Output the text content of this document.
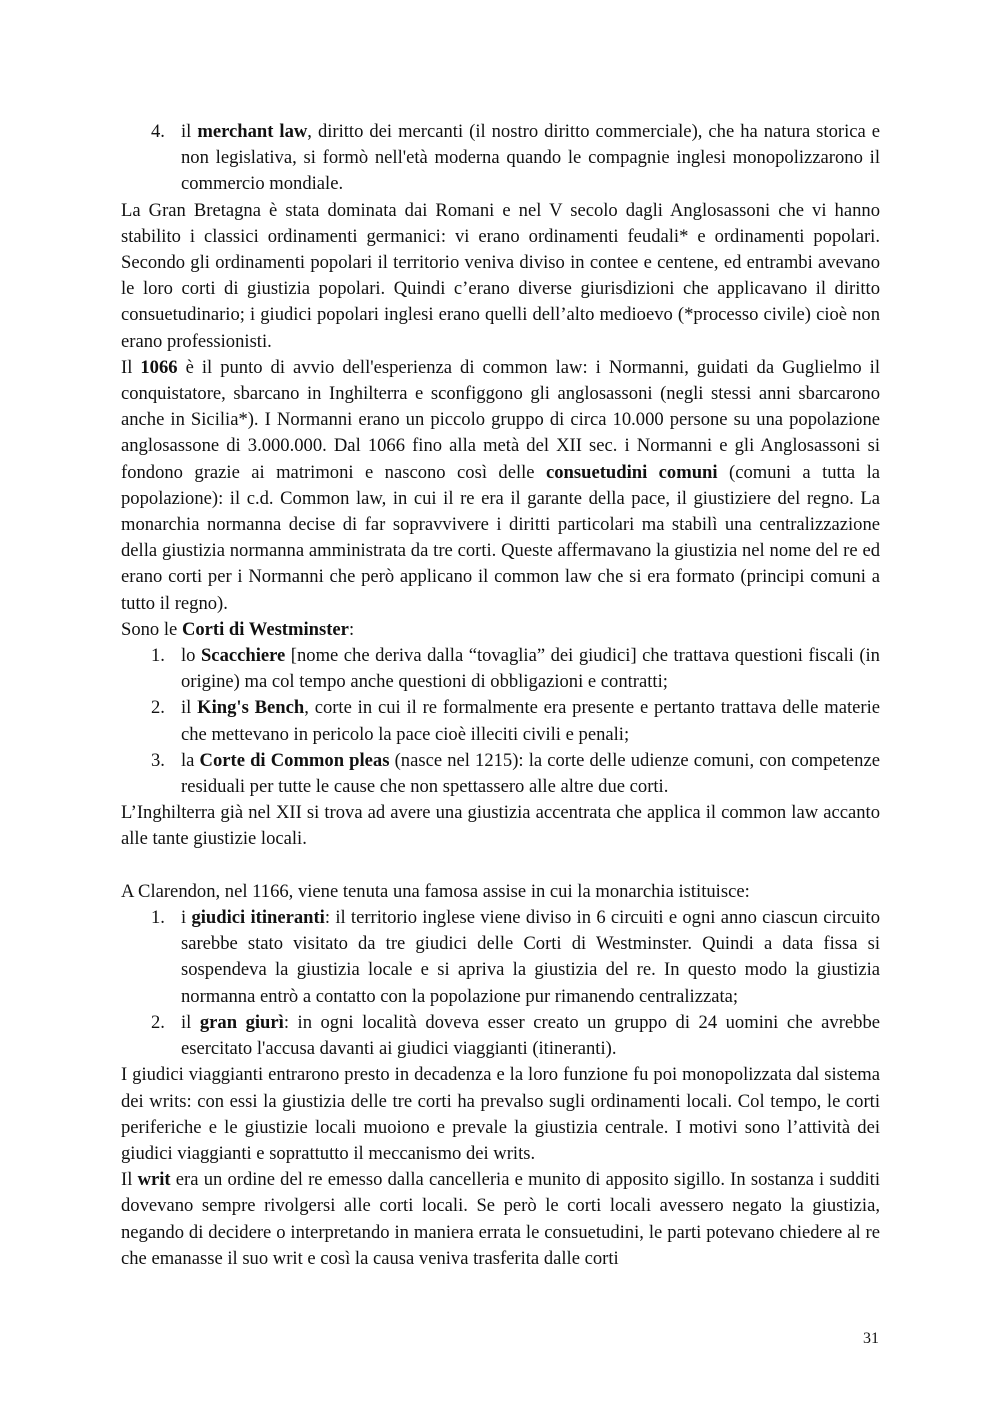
4. il merchant law, diritto dei mercanti (il nostro diritto commerciale), che ha natura storica e non legislativa, si formò nell'età moderna quando le compagnie inglesi monopolizzarono il commercio mondiale.

La Gran Bretagna è stata dominata dai Romani e nel V secolo dagli Anglosassoni che vi hanno stabilito i classici ordinamenti germanici: vi erano ordinamenti feudali* e ordinamenti popolari. Secondo gli ordinamenti popolari il territorio veniva diviso in contee e centene, ed entrambi avevano le loro corti di giustizia popolari. Quindi c’erano diverse giurisdizioni che applicavano il diritto consuetudinario; i giudici popolari inglesi erano quelli dell’alto medioevo (*processo civile) cioè non erano professionisti.

Il 1066 è il punto di avvio dell'esperienza di common law: i Normanni, guidati da Guglielmo il conquistatore, sbarcano in Inghilterra e sconfiggono gli anglosassoni (negli stessi anni sbarcarono anche in Sicilia*). I Normanni erano un piccolo gruppo di circa 10.000 persone su una popolazione anglosassone di 3.000.000. Dal 1066 fino alla metà del XII sec. i Normanni e gli Anglosassoni si fondono grazie ai matrimoni e nascono così delle consuetudini comuni (comuni a tutta la popolazione): il c.d. Common law, in cui il re era il garante della pace, il giustiziere del regno. La monarchia normanna decise di far sopravvivere i diritti particolari ma stabilì una centralizzazione della giustizia normanna amministrata da tre corti. Queste affermavano la giustizia nel nome del re ed erano corti per i Normanni che però applicano il common law che si era formato (principi comuni a tutto il regno).

Sono le Corti di Westminster:

1. lo Scacchiere [nome che deriva dalla “tovaglia” dei giudici] che trattava questioni fiscali (in origine) ma col tempo anche questioni di obbligazioni e contratti;
2. il King's Bench, corte in cui il re formalmente era presente e pertanto trattava delle materie che mettevano in pericolo la pace cioè illeciti civili e penali;
3. la Corte di Common pleas (nasce nel 1215): la corte delle udienze comuni, con competenze residuali per tutte le cause che non spettassero alle altre due corti.

L’Inghilterra già nel XII si trova ad avere una giustizia accentrata che applica il common law accanto alle tante giustizie locali.

A Clarendon, nel 1166, viene tenuta una famosa assise in cui la monarchia istituisce:

1. i giudici itineranti: il territorio inglese viene diviso in 6 circuiti e ogni anno ciascun circuito sarebbe stato visitato da tre giudici delle Corti di Westminster. Quindi a data fissa si sospendeva la giustizia locale e si apriva la giustizia del re. In questo modo la giustizia normanna entrò a contatto con la popolazione pur rimanendo centralizzata;
2. il gran giurì: in ogni località doveva esser creato un gruppo di 24 uomini che avrebbe esercitato l'accusa davanti ai giudici viaggianti (itineranti).

I giudici viaggianti entrarono presto in decadenza e la loro funzione fu poi monopolizzata dal sistema dei writs: con essi la giustizia delle tre corti ha prevalso sugli ordinamenti locali. Col tempo, le corti periferiche e le giustizie locali muoiono e prevale la giustizia centrale. I motivi sono l’attività dei giudici viaggianti e soprattutto il meccanismo dei writs.

Il writ era un ordine del re emesso dalla cancelleria e munito di apposito sigillo. In sostanza i sudditi dovevano sempre rivolgersi alle corti locali. Se però le corti locali avessero negato la giustizia, negando di decidere o interpretando in maniera errata le consuetudini, le parti potevano chiedere al re che emanasse il suo writ e così la causa veniva trasferita dalle corti

31
